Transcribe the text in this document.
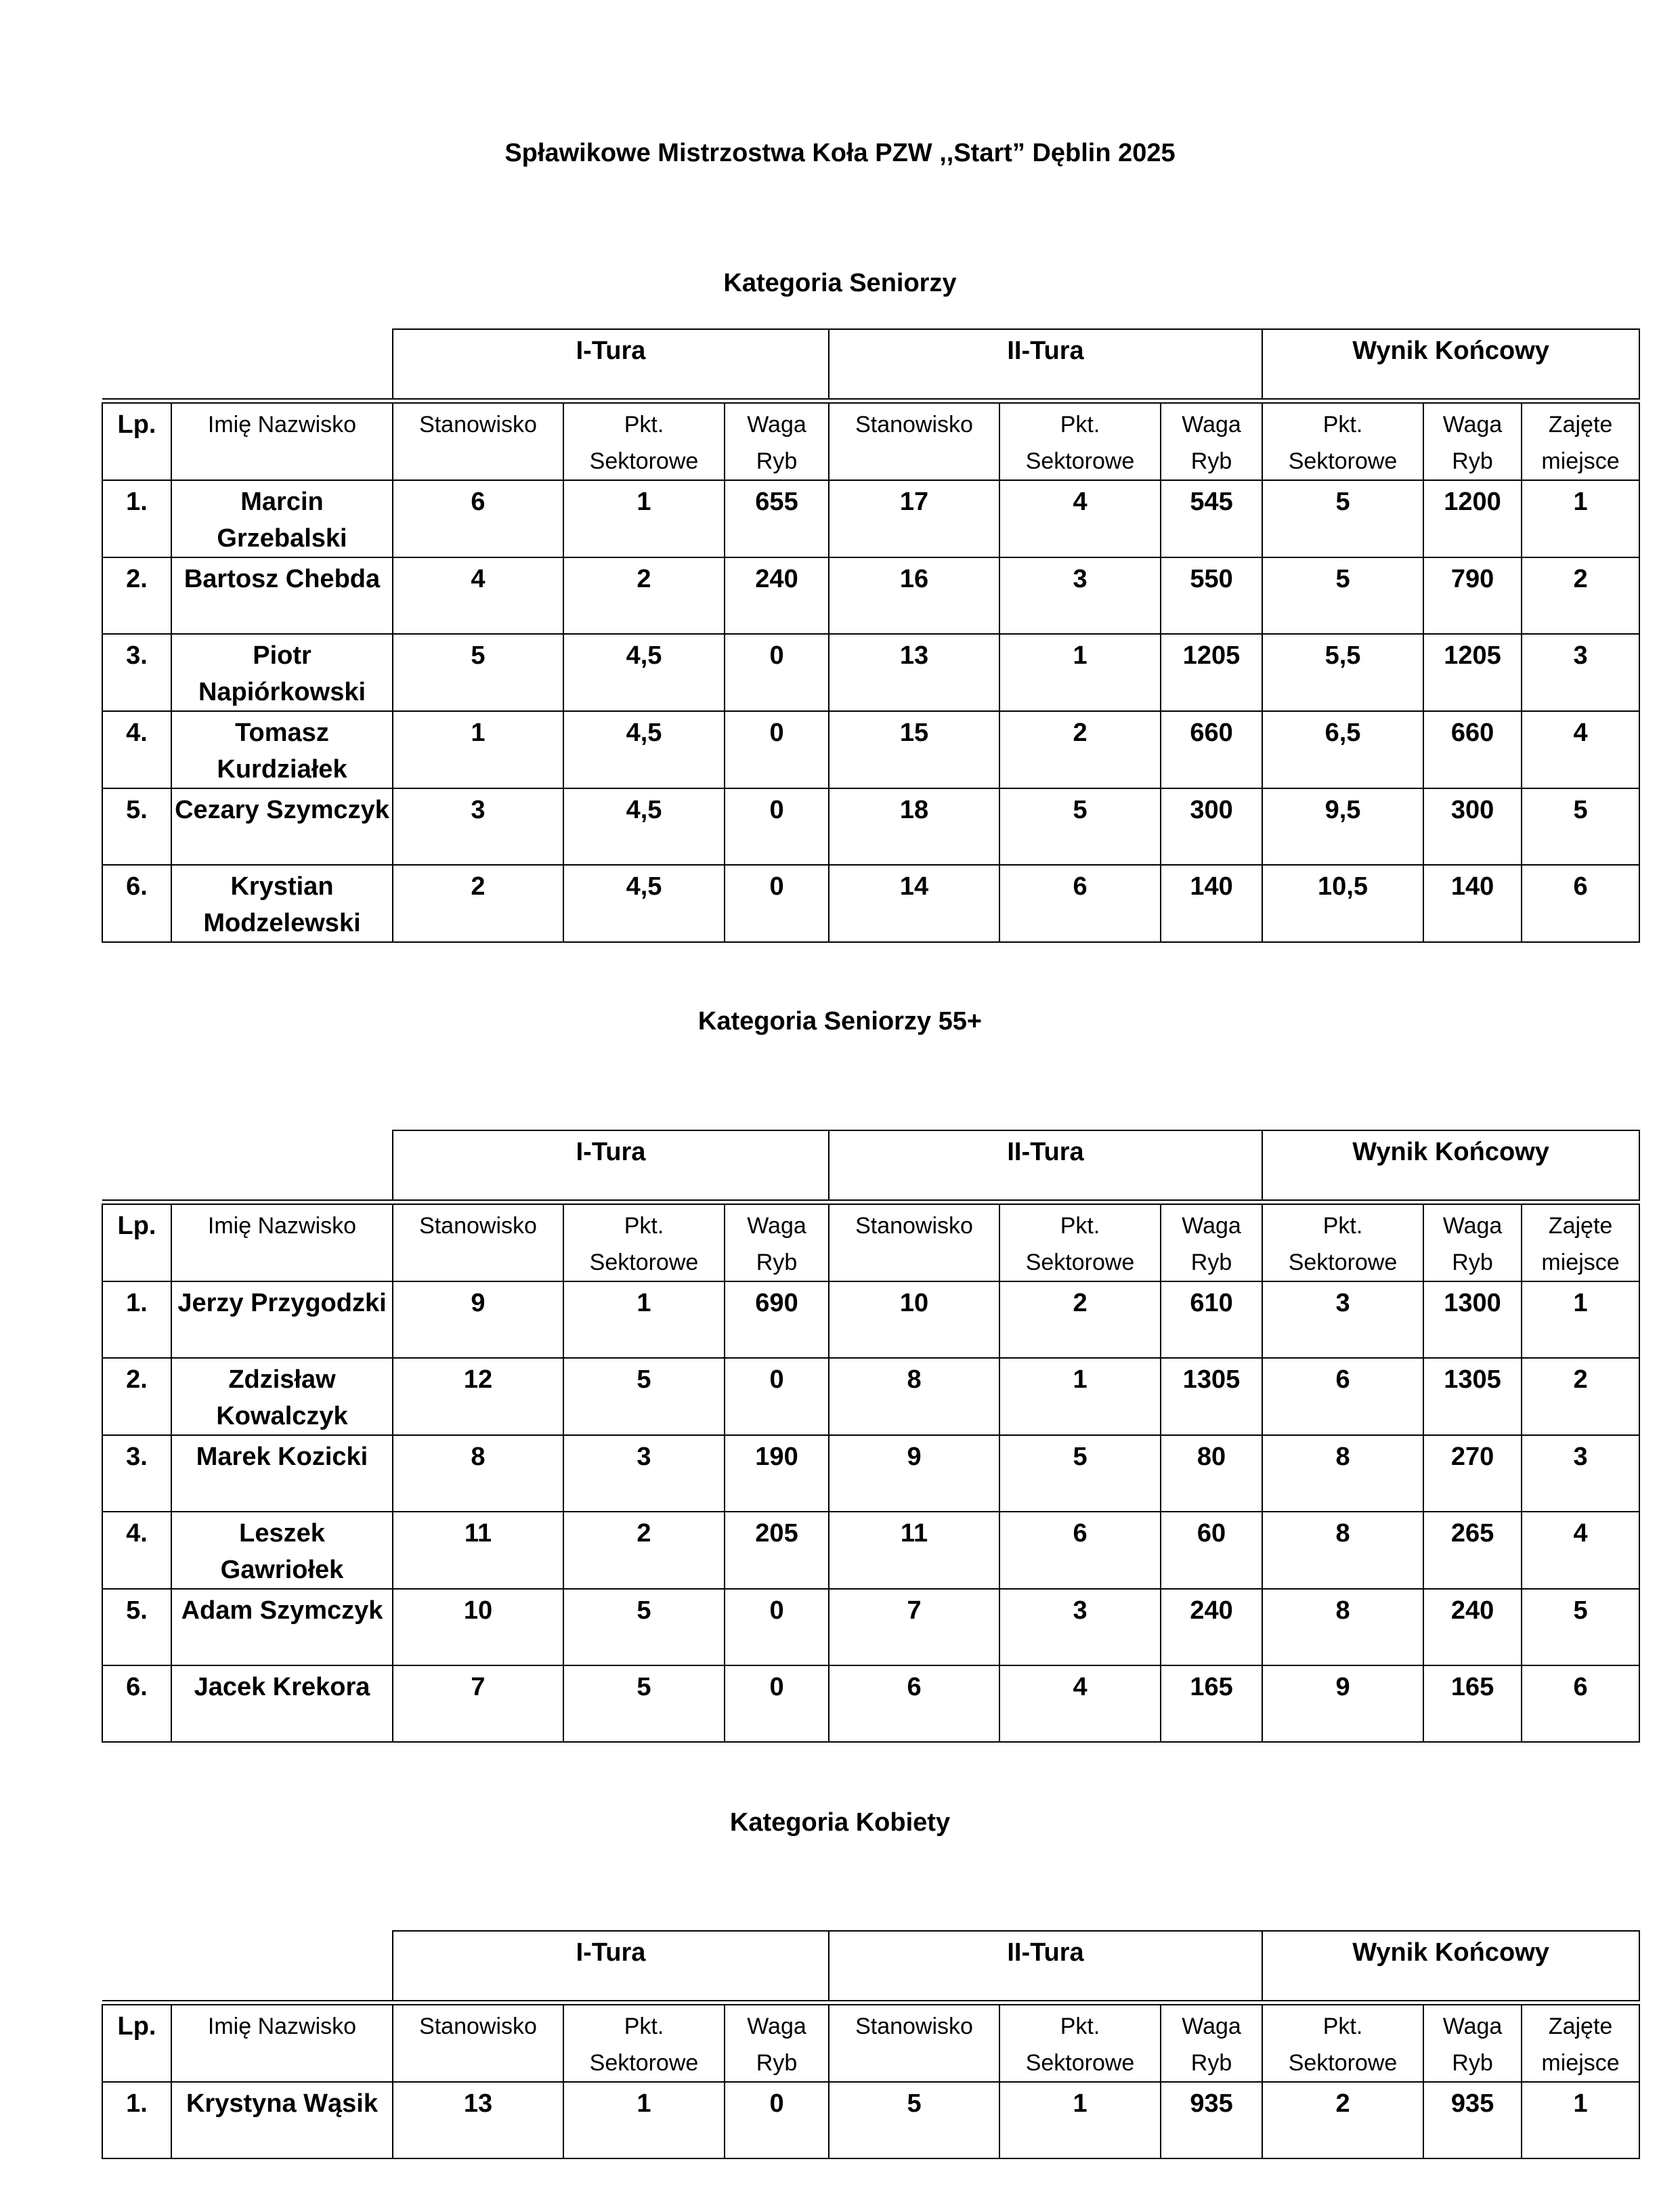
Spławikowe Mistrzostwa Koła PZW ,,Start” Dęblin 2025
Kategoria Seniorzy
		I-Tura			II-Tura			Wynik Końcowy		

Lp.	Imię Nazwisko	Stanowisko	Pkt. Sektorowe	Waga Ryb	Stanowisko	Pkt. Sektorowe	Waga Ryb	Pkt. Sektorowe	Waga Ryb	Zajęte miejsce
1.	Marcin Grzebalski	6	1	655	17	4	545	5	1200	1
2.	Bartosz Chebda	4	2	240	16	3	550	5	790	2
3.	Piotr Napiórkowski	5	4,5	0	13	1	1205	5,5	1205	3
4.	Tomasz Kurdziałek	1	4,5	0	15	2	660	6,5	660	4
5.	Cezary Szymczyk	3	4,5	0	18	5	300	9,5	300	5
6.	Krystian Modzelewski	2	4,5	0	14	6	140	10,5	140	6
Kategoria Seniorzy 55+
		I-Tura			II-Tura			Wynik Końcowy		

Lp.	Imię Nazwisko	Stanowisko	Pkt. Sektorowe	Waga Ryb	Stanowisko	Pkt. Sektorowe	Waga Ryb	Pkt. Sektorowe	Waga Ryb	Zajęte miejsce
1.	Jerzy Przygodzki	9	1	690	10	2	610	3	1300	1
2.	Zdzisław Kowalczyk	12	5	0	8	1	1305	6	1305	2
3.	Marek Kozicki	8	3	190	9	5	80	8	270	3
4.	Leszek Gawriołek	11	2	205	11	6	60	8	265	4
5.	Adam Szymczyk	10	5	0	7	3	240	8	240	5
6.	Jacek Krekora	7	5	0	6	4	165	9	165	6
Kategoria Kobiety
		I-Tura			II-Tura			Wynik Końcowy		

Lp.	Imię Nazwisko	Stanowisko	Pkt. Sektorowe	Waga Ryb	Stanowisko	Pkt. Sektorowe	Waga Ryb	Pkt. Sektorowe	Waga Ryb	Zajęte miejsce
1.	Krystyna Wąsik	13	1	0	5	1	935	2	935	1
